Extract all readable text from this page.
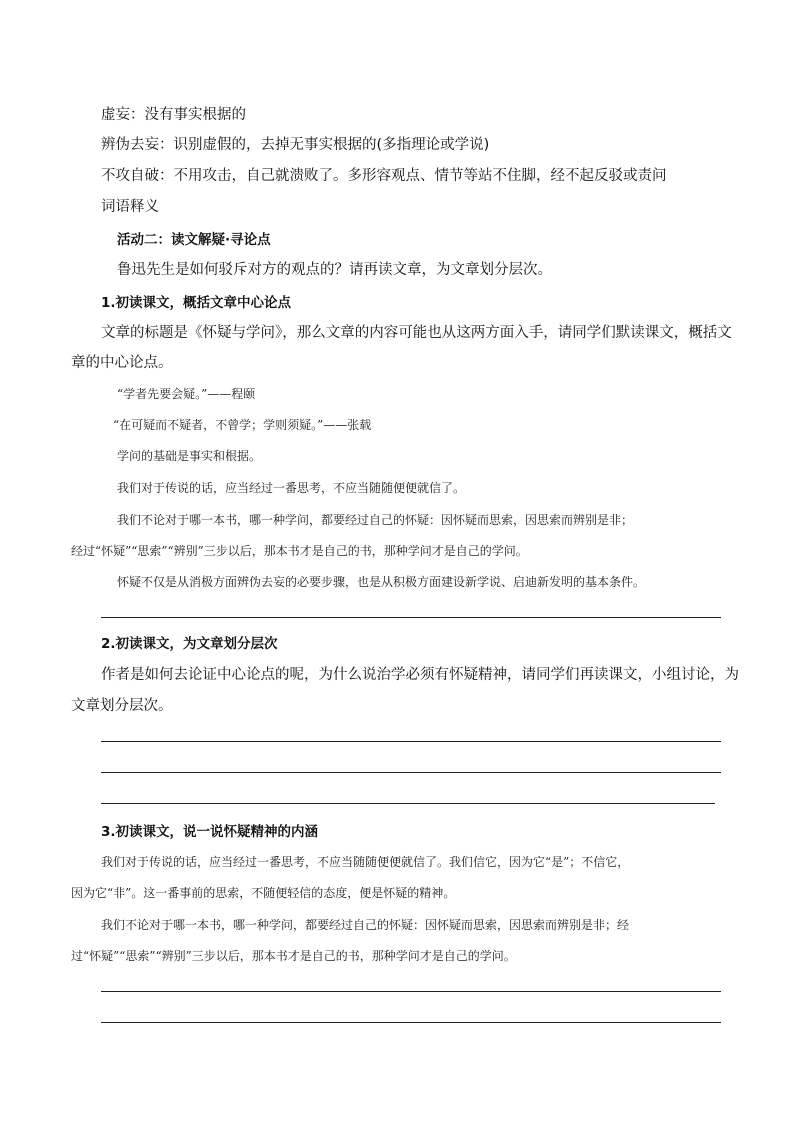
虚妄：没有事实根据的
辨伪去妄：识别虚假的，去掉无事实根据的(多指理论或学说)
不攻自破：不用攻击，自己就溃败了。多形容观点、情节等站不住脚，经不起反驳或责问
词语释义
活动二：读文解疑·寻论点
鲁迅先生是如何驳斥对方的观点的？请再读文章，为文章划分层次。
1.初读课文，概括文章中心论点
文章的标题是《怀疑与学问》，那么文章的内容可能也从这两方面入手，请同学们默读课文，概括文
章的中心论点。
“学者先要会疑。”——程颐
“在可疑而不疑者，不曾学；学则须疑。”——张载
学问的基础是事实和根据。
我们对于传说的话，应当经过一番思考，不应当随随便便就信了。
我们不论对于哪一本书，哪一种学问，都要经过自己的怀疑：因怀疑而思索，因思索而辨别是非；
经过“怀疑”“思索”“辨别”三步以后，那本书才是自己的书，那种学问才是自己的学问。
怀疑不仅是从消极方面辨伪去妄的必要步骤，也是从积极方面建设新学说、启迪新发明的基本条件。
2.初读课文，为文章划分层次
作者是如何去论证中心论点的呢，为什么说治学必须有怀疑精神，请同学们再读课文，小组讨论，为
文章划分层次。
3.初读课文，说一说怀疑精神的内涵
我们对于传说的话，应当经过一番思考，不应当随随便便就信了。我们信它，因为它“是”；不信它，
因为它“非”。这一番事前的思索，不随便轻信的态度，便是怀疑的精神。
我们不论对于哪一本书，哪一种学问，都要经过自己的怀疑：因怀疑而思索，因思索而辨别是非；经
过“怀疑”“思索”“辨别”三步以后，那本书才是自己的书，那种学问才是自己的学问。
